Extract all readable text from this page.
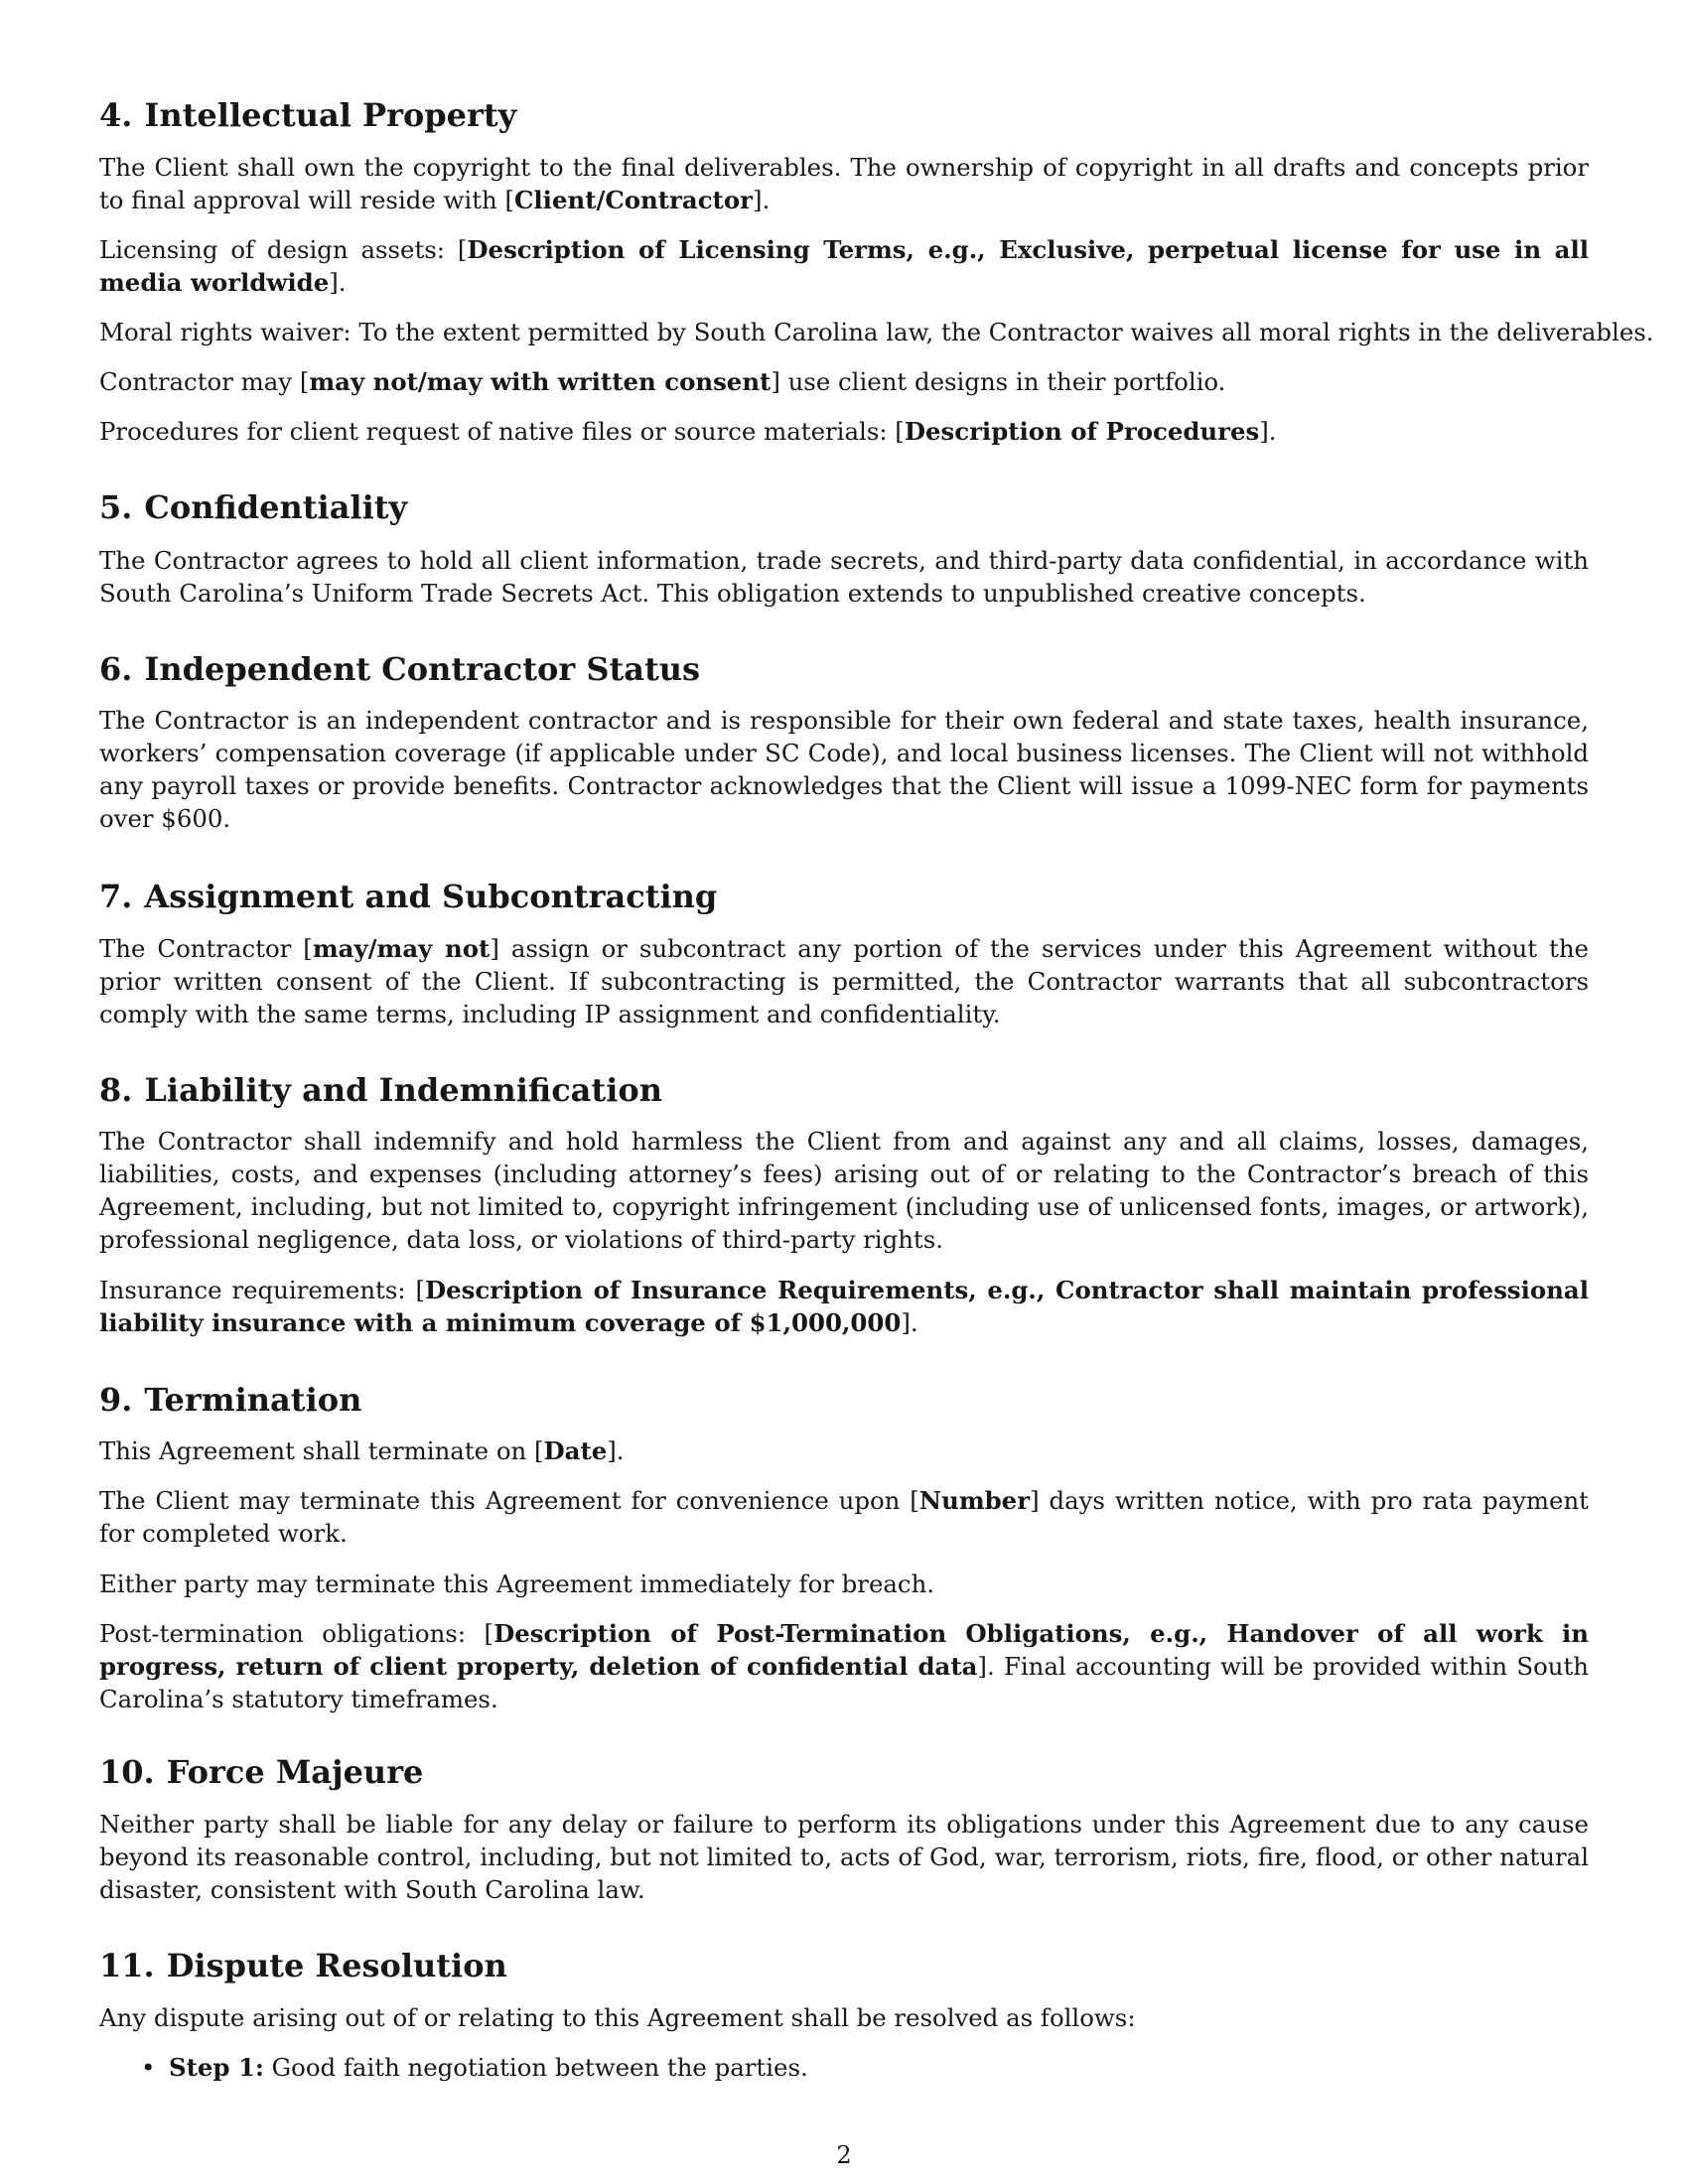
4. Intellectual Property

The Client shall own the copyright to the final deliverables. The ownership of copyright in all drafts and concepts prior to final approval will reside with [Client/Contractor].

Licensing of design assets: [Description of Licensing Terms, e.g., Exclusive, perpetual license for use in all media worldwide].

Moral rights waiver: To the extent permitted by South Carolina law, the Contractor waives all moral rights in the deliverables.

Contractor may [may not/may with written consent] use client designs in their portfolio.

Procedures for client request of native files or source materials: [Description of Procedures].

5. Confidentiality

The Contractor agrees to hold all client information, trade secrets, and third-party data confidential, in accordance with South Carolina’s Uniform Trade Secrets Act. This obligation extends to unpublished creative concepts.

6. Independent Contractor Status

The Contractor is an independent contractor and is responsible for their own federal and state taxes, health insurance, workers’ compensation coverage (if applicable under SC Code), and local business licenses. The Client will not withhold any payroll taxes or provide benefits. Contractor acknowledges that the Client will issue a 1099-NEC form for payments over $600.

7. Assignment and Subcontracting

The Contractor [may/may not] assign or subcontract any portion of the services under this Agreement without the prior written consent of the Client. If subcontracting is permitted, the Contractor warrants that all subcontractors comply with the same terms, including IP assignment and confidentiality.

8. Liability and Indemnification

The Contractor shall indemnify and hold harmless the Client from and against any and all claims, losses, damages, liabilities, costs, and expenses (including attorney’s fees) arising out of or relating to the Contractor’s breach of this Agreement, including, but not limited to, copyright infringement (including use of unlicensed fonts, images, or artwork), professional negligence, data loss, or violations of third-party rights.

Insurance requirements: [Description of Insurance Requirements, e.g., Contractor shall maintain professional liability insurance with a minimum coverage of $1,000,000].

9. Termination

This Agreement shall terminate on [Date].

The Client may terminate this Agreement for convenience upon [Number] days written notice, with pro rata payment for completed work.

Either party may terminate this Agreement immediately for breach.

Post-termination obligations: [Description of Post-Termination Obligations, e.g., Handover of all work in progress, return of client property, deletion of confidential data]. Final accounting will be provided within South Carolina’s statutory timeframes.

10. Force Majeure

Neither party shall be liable for any delay or failure to perform its obligations under this Agreement due to any cause beyond its reasonable control, including, but not limited to, acts of God, war, terrorism, riots, fire, flood, or other natural disaster, consistent with South Carolina law.

11. Dispute Resolution

Any dispute arising out of or relating to this Agreement shall be resolved as follows:

• Step 1: Good faith negotiation between the parties.
2
